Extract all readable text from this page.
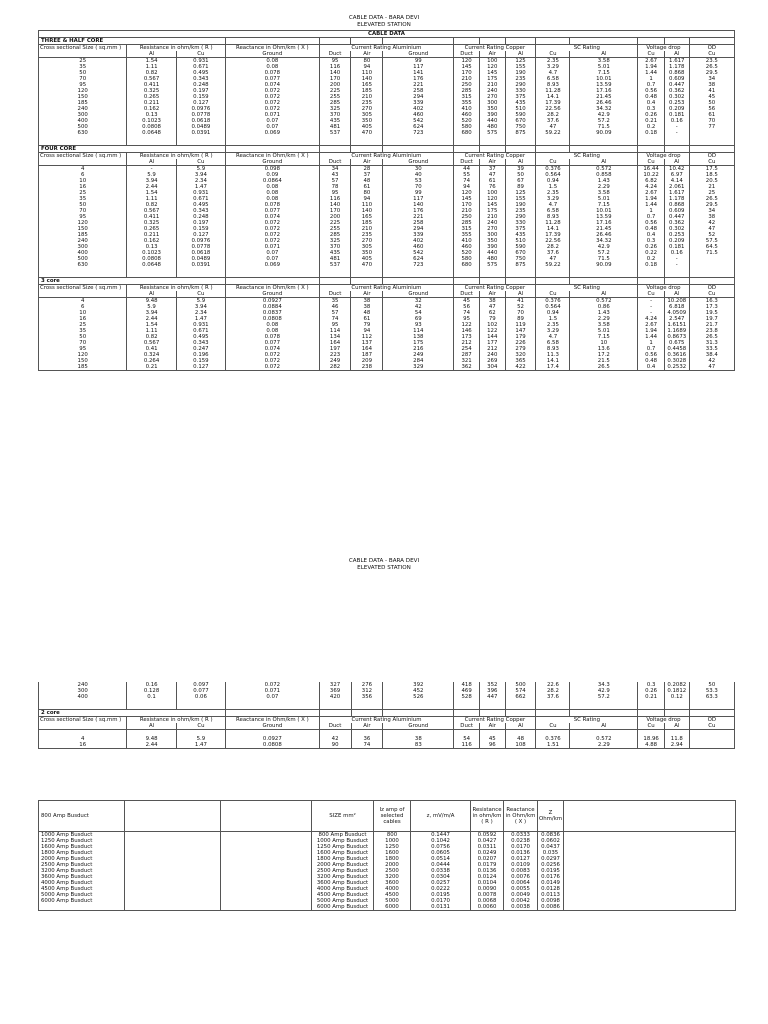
CABLE DATA - BARA DEVI
ELEVATED STATION
CABLE DATA														
THREE & HALF CORE														
Cross sectional Size ( sq.mm )	Resistance in ohm/km ( R )		Reactance in Ohm/km ( X )	Current Rating Aluminium			Current Rating Copper			SC Rating		Voltage drop		OD
	Al	Cu	Ground	Duct	Air	Ground	Duct	Air	Al	Cu	Al	Cu	Al	Cu
25	1.54	0.931	0.08	95	80	99	120	100	125	2.35	3.58	2.67	1.617	23.5
35	1.11	0.671	0.08	116	94	117	145	120	155	3.29	5.01	1.94	1.178	26.5
50	0.82	0.495	0.078	140	110	141	170	145	190	4.7	7.15	1.44	0.868	29.5
70	0.567	0.343	0.077	170	140	176	210	175	235	6.58	10.01	1	0.609	34
95	0.411	0.248	0.074	200	165	221	250	210	290	8.93	13.59	0.7	0.447	38
120	0.325	0.197	0.072	225	185	258	285	240	330	11.28	17.16	0.56	0.362	41
150	0.265	0.159	0.072	255	210	294	315	270	375	14.1	21.45	0.48	0.302	45
185	0.211	0.127	0.072	285	235	339	355	300	435	17.39	26.46	0.4	0.253	50
240	0.162	0.0976	0.072	325	270	402	410	350	510	22.56	34.32	0.3	0.209	56
300	0.13	0.0778	0.071	370	305	460	460	390	590	28.2	42.9	0.26	0.181	61
400	0.1023	0.0618	0.07	435	350	542	520	440	670	37.6	57.2	0.21	0.16	70
500	0.0808	0.0489	0.07	481	405	624	580	480	750	47	71.5	0.2	-	77
630	0.0648	0.0391	0.069	537	470	723	680	575	875	59.22	90.09	0.18	-	

FOUR CORE														
Cross sectional Size ( sq.mm )	Resistance in ohm/km ( R )		Reactance in Ohm/km ( X )	Current Rating Aluminium			Current Rating Copper			SC Rating		Voltage drop		OD
	Al	Cu	Ground	Duct	Air	Ground	Duct	Air	Al	Cu	Al	Cu	Al	Cu
4	-	5.9	0.098	34	28	30	44	37	39	0.376	0.572	16.44	10.42	17.5
6	5.9	3.94	0.09	43	37	40	55	47	50	0.564	0.858	10.22	6.97	18.5
10	3.94	2.34	0.0864	57	48	53	74	61	67	0.94	1.43	6.82	4.14	20.5
16	2.44	1.47	0.08	78	61	70	94	76	89	1.5	2.29	4.24	2.061	21
25	1.54	0.931	0.08	95	80	99	120	100	125	2.35	3.58	2.67	1.617	25
35	1.11	0.671	0.08	116	94	117	145	120	155	3.29	5.01	1.94	1.178	26.5
50	0.82	0.495	0.078	140	110	140	170	145	190	4.7	7.15	1.44	0.868	29.5
70	0.567	0.343	0.077	170	140	176	210	175	235	6.58	10.01	1	0.609	34
95	0.411	0.248	0.074	200	165	221	250	210	290	8.93	13.59	0.7	0.447	38
120	0.325	0.197	0.072	225	185	258	285	240	330	11.28	17.16	0.56	0.362	42
150	0.265	0.159	0.072	255	210	294	315	270	375	14.1	21.45	0.48	0.302	47
185	0.211	0.127	0.072	285	235	339	355	300	435	17.39	26.46	0.4	0.253	52
240	0.162	0.0976	0.072	325	270	402	410	350	510	22.56	34.32	0.3	0.209	57.5
300	0.13	0.0778	0.071	370	305	460	460	390	590	28.2	42.9	0.26	0.181	64.5
400	0.1023	0.0618	0.07	435	350	542	520	440	670	37.6	57.2	0.22	0.16	71.5
500	0.0808	0.0489	0.07	481	405	624	580	480	750	47	71.5	0.2	-	
630	0.0648	0.0391	0.069	537	470	723	680	575	875	59.22	90.09	0.18	-	

3 core														
Cross sectional Size ( sq.mm )	Resistance in ohm/km ( R )		Reactance in Ohm/km ( X )	Current Rating Aluminium			Current Rating Copper			SC Rating		Voltage drop		OD
	Al	Cu	Ground	Duct	Air	Ground	Duct	Air	Al	Cu	Al	Cu	Al	Cu
4	9.48	5.9	0.0927	35	38	32	45	38	41	0.376	0.572	-	10.208	16.3
6	5.9	3.94	0.0884	46	38	42	56	47	52	0.564	0.86	-	6.818	17.3
10	3.94	2.34	0.0837	57	48	54	74	62	70	0.94	1.43	-	4.0509	19.5
16	2.44	1.47	0.0808	74	61	69	95	79	89	1.5	2.29	4.24	2.547	19.7
25	1.54	0.931	0.08	95	79	93	122	102	119	2.35	3.58	2.67	1.6151	21.7
35	1.11	0.671	0.08	114	94	114	146	122	147	3.29	5.01	1.94	1.1689	23.8
50	0.82	0.495	0.078	134	112	138	173	144	179	4.7	7.15	1.44	0.8673	26.5
70	0.567	0.343	0.077	164	137	175	212	177	226	6.58	10	1	0.675	31.3
95	0.41	0.247	0.074	197	164	216	254	212	279	8.93	13.6	0.7	0.4458	33.5
120	0.324	0.196	0.072	223	187	249	287	240	320	11.3	17.2	0.56	0.3616	38.4
150	0.264	0.159	0.072	249	209	284	321	269	365	14.1	21.5	0.48	0.3028	42
185	0.21	0.127	0.072	282	238	329	362	304	422	17.4	26.5	0.4	0.2532	47
CABLE DATA - BARA DEVI
ELEVATED STATION
240	0.16	0.097	0.072	327	276	392	418	352	500	22.6	34.3	0.3	0.2082	50
300	0.128	0.077	0.071	369	312	452	469	396	574	28.2	42.9	0.26	0.1812	53.3
400	0.1	0.06	0.07	420	356	526	528	447	662	37.6	57.2	0.21	0.12	63.3

2 core														
Cross sectional Size ( sq.mm )	Resistance in ohm/km ( R )		Reactance in Ohm/km ( X )	Current Rating Aluminium			Current Rating Copper			SC Rating		Voltage drop		OD
	Al	Cu	Ground	Duct	Air	Ground	Duct	Air	Al	Cu	Al	Cu	Al	Cu

4	9.48	5.9	0.0927	42	36	38	54	45	48	0.376	0.572	18.96	11.8	
16	2.44	1.47	0.0808	90	74	83	116	96	108	1.51	2.29	4.88	2.94	
800 Amp Busduct			SIZE mm²	Iz amp of selected cables	z, mV/m/A	Resistance in ohm/km ( R )	Reactance in Ohm/km ( X )	Z Ohm/km	
1000 Amp Busduct			800 Amp Busduct	800	0.1447	0.0592	0.0333	0.0836	
1250 Amp Busduct			1000 Amp Busduct	1000	0.1042	0.0427	0.0238	0.0602	
1600 Amp Busduct			1250 Amp Busduct	1250	0.0756	0.0311	0.0170	0.0437	
1800 Amp Busduct			1600 Amp Busduct	1600	0.0605	0.0249	0.0136	0.035	
2000 Amp Busduct			1800 Amp Busduct	1800	0.0514	0.0207	0.0127	0.0297	
2500 Amp Busduct			2000 Amp Busduct	2000	0.0444	0.0179	0.0109	0.0256	
3200 Amp Busduct			2500 Amp Busduct	2500	0.0338	0.0136	0.0083	0.0195	
3600 Amp Busduct			3200 Amp Busduct	3200	0.0304	0.0124	0.0076	0.0176	
4000 Amp Busduct			3600 Amp Busduct	3600	0.0257	0.0104	0.0064	0.0149	
4500 Amp Busduct			4000 Amp Busduct	4000	0.0222	0.0090	0.0055	0.0128	
5000 Amp Busduct			4500 Amp Busduct	4500	0.0195	0.0078	0.0049	0.0113	
6000 Amp Busduct			5000 Amp Busduct	5000	0.0170	0.0068	0.0042	0.0098	
			6000 Amp Busduct	6000	0.0131	0.0060	0.0038	0.0086	
